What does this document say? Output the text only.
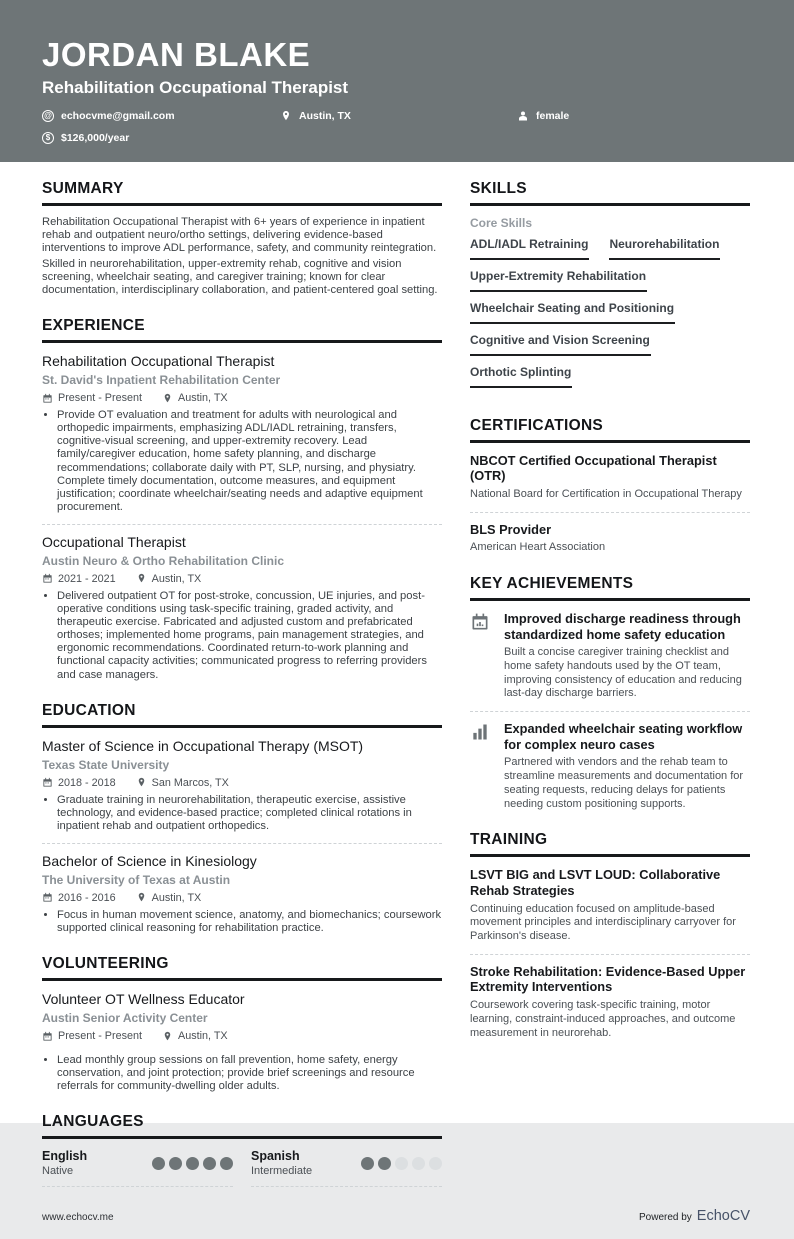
JORDAN BLAKE
Rehabilitation Occupational Therapist
@ echocvme@gmail.com	Austin, TX	female
$	$126,000/year
SUMMARY

Rehabilitation Occupational Therapist with 6+ years of experience in inpatient rehab and outpatient neuro/ortho settings, delivering evidence-based interventions to improve ADL performance, safety, and community reintegration.

Skilled in neurorehabilitation, upper-extremity rehab, cognitive and vision screening, wheelchair seating, and caregiver training; known for clear documentation, interdisciplinary collaboration, and patient-centered goal setting.

EXPERIENCE
Rehabilitation Occupational Therapist
St. David's Inpatient Rehabilitation Center
Present - Present	Austin, TX
• Provide OT evaluation and treatment for adults with neurological and orthopedic impairments, emphasizing ADL/IADL retraining, transfers, cognitive-visual screening, and upper-extremity recovery. Lead family/caregiver education, home safety planning, and discharge recommendations; collaborate daily with PT, SLP, nursing, and physiatry. Complete timely documentation, outcome measures, and equipment justification; coordinate wheelchair/seating needs and adaptive equipment procurement.
Occupational Therapist
Austin Neuro & Ortho Rehabilitation Clinic
2021 - 2021	Austin, TX
• Delivered outpatient OT for post-stroke, concussion, UE injuries, and post-operative conditions using task-specific training, graded activity, and therapeutic exercise. Fabricated and adjusted custom and prefabricated orthoses; implemented home programs, pain management strategies, and ergonomic recommendations. Coordinated return-to-work planning and functional capacity activities; communicated progress to referring providers and case managers.
EDUCATION
Master of Science in Occupational Therapy (MSOT)
Texas State University
2018 - 2018	San Marcos, TX
• Graduate training in neurorehabilitation, therapeutic exercise, assistive technology, and evidence-based practice; completed clinical rotations in inpatient rehab and outpatient orthopedics.
Bachelor of Science in Kinesiology
The University of Texas at Austin
2016 - 2016	Austin, TX
• Focus in human movement science, anatomy, and biomechanics; coursework supported clinical reasoning for rehabilitation practice.
VOLUNTEERING
Volunteer OT Wellness Educator
Austin Senior Activity Center
Present - Present	Austin, TX
• Lead monthly group sessions on fall prevention, home safety, energy conservation, and joint protection; provide brief screenings and resource referrals for community-dwelling older adults.
LANGUAGES
English
Native
Spanish
Intermediate
SKILLS
Core Skills
ADL/IADL Retraining Neurorehabilitation
Upper-Extremity Rehabilitation
Wheelchair Seating and Positioning
Cognitive and Vision Screening
Orthotic Splinting
CERTIFICATIONS
NBCOT Certified Occupational Therapist (OTR)
National Board for Certification in Occupational Therapy
BLS Provider
American Heart Association
KEY ACHIEVEMENTS
Improved discharge readiness through standardized home safety education
Built a concise caregiver training checklist and home safety handouts used by the OT team, improving consistency of education and reducing last-day discharge barriers.
Expanded wheelchair seating workflow for complex neuro cases
Partnered with vendors and the rehab team to streamline measurements and documentation for seating requests, reducing delays for patients needing custom positioning supports.
TRAINING
LSVT BIG and LSVT LOUD: Collaborative Rehab Strategies
Continuing education focused on amplitude-based movement principles and interdisciplinary carryover for Parkinson's disease.
Stroke Rehabilitation: Evidence-Based Upper Extremity Interventions
Coursework covering task-specific training, motor learning, constraint-induced approaches, and outcome measurement in neurorehab.
www.echocv.me	Powered by EchoCV
